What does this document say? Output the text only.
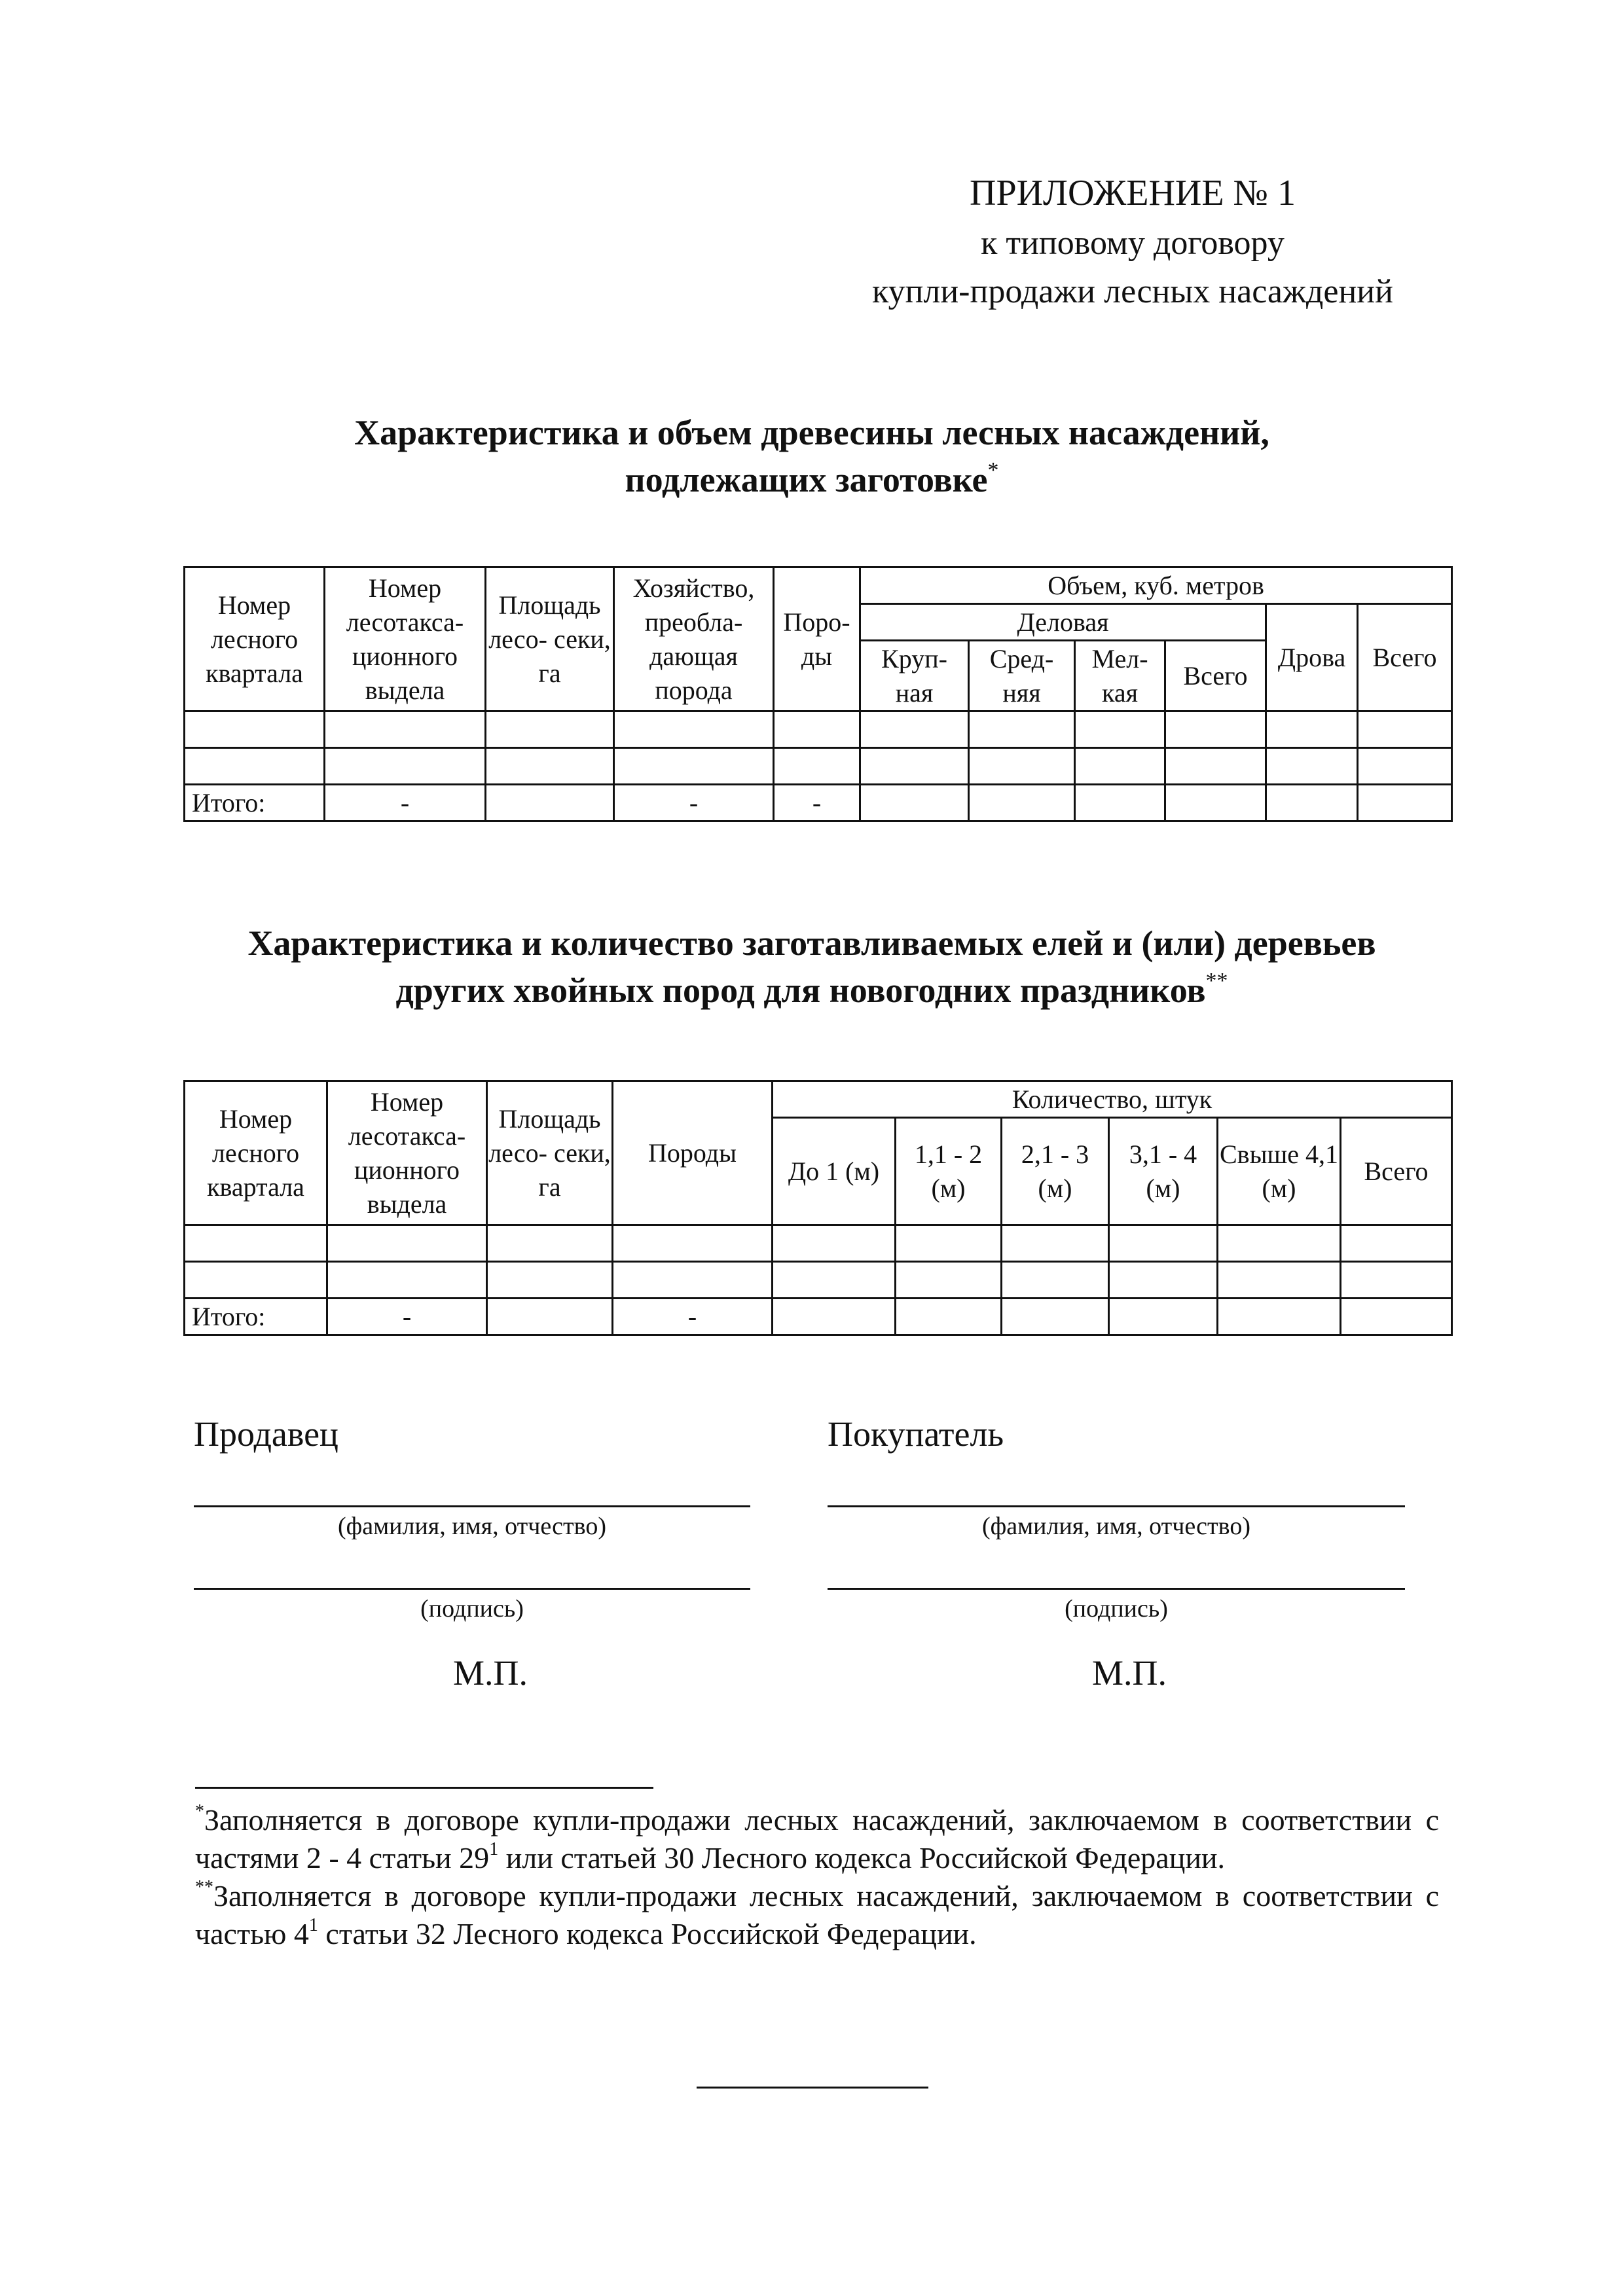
ПРИЛОЖЕНИЕ № 1
к типовому договору
купли-продажи лесных насаждений
Характеристика и объем древесины лесных насаждений,
подлежащих заготовке*
Номер лесного квартала	Номер лесотакса- ционного выдела	Площадь лесо- секи, га	Хозяйство, преобла- дающая порода	Поро- ды	Объем, куб. метров					
					Деловая				Дрова	Всего
					Круп- ная	Сред- няя	Мел- кая	Всего		

Итого:	-		-	-						
Характеристика и количество заготавливаемых елей и (или) деревьев
других хвойных пород для новогодних праздников**
Номер лесного квартала	Номер лесотакса- ционного выдела	Площадь лесо- секи, га	Породы	Количество, штук					
				До 1 (м)	1,1 - 2 (м)	2,1 - 3 (м)	3,1 - 4 (м)	Свыше 4,1 (м)	Всего

Итого:	-		-						
Продавец	Покупатель
(фамилия, имя, отчество)	(фамилия, имя, отчество)
(подпись)	(подпись)
М.П.	М.П.

*Заполняется в договоре купли-продажи лесных насаждений, заключаемом в соответствии с частями 2 - 4 статьи $29^1$ или статьей 30 Лесного кодекса Российской Федерации.

**Заполняется в договоре купли-продажи лесных насаждений, заключаемом в соответствии с частью $4^1$ статьи 32 Лесного кодекса Российской Федерации.
